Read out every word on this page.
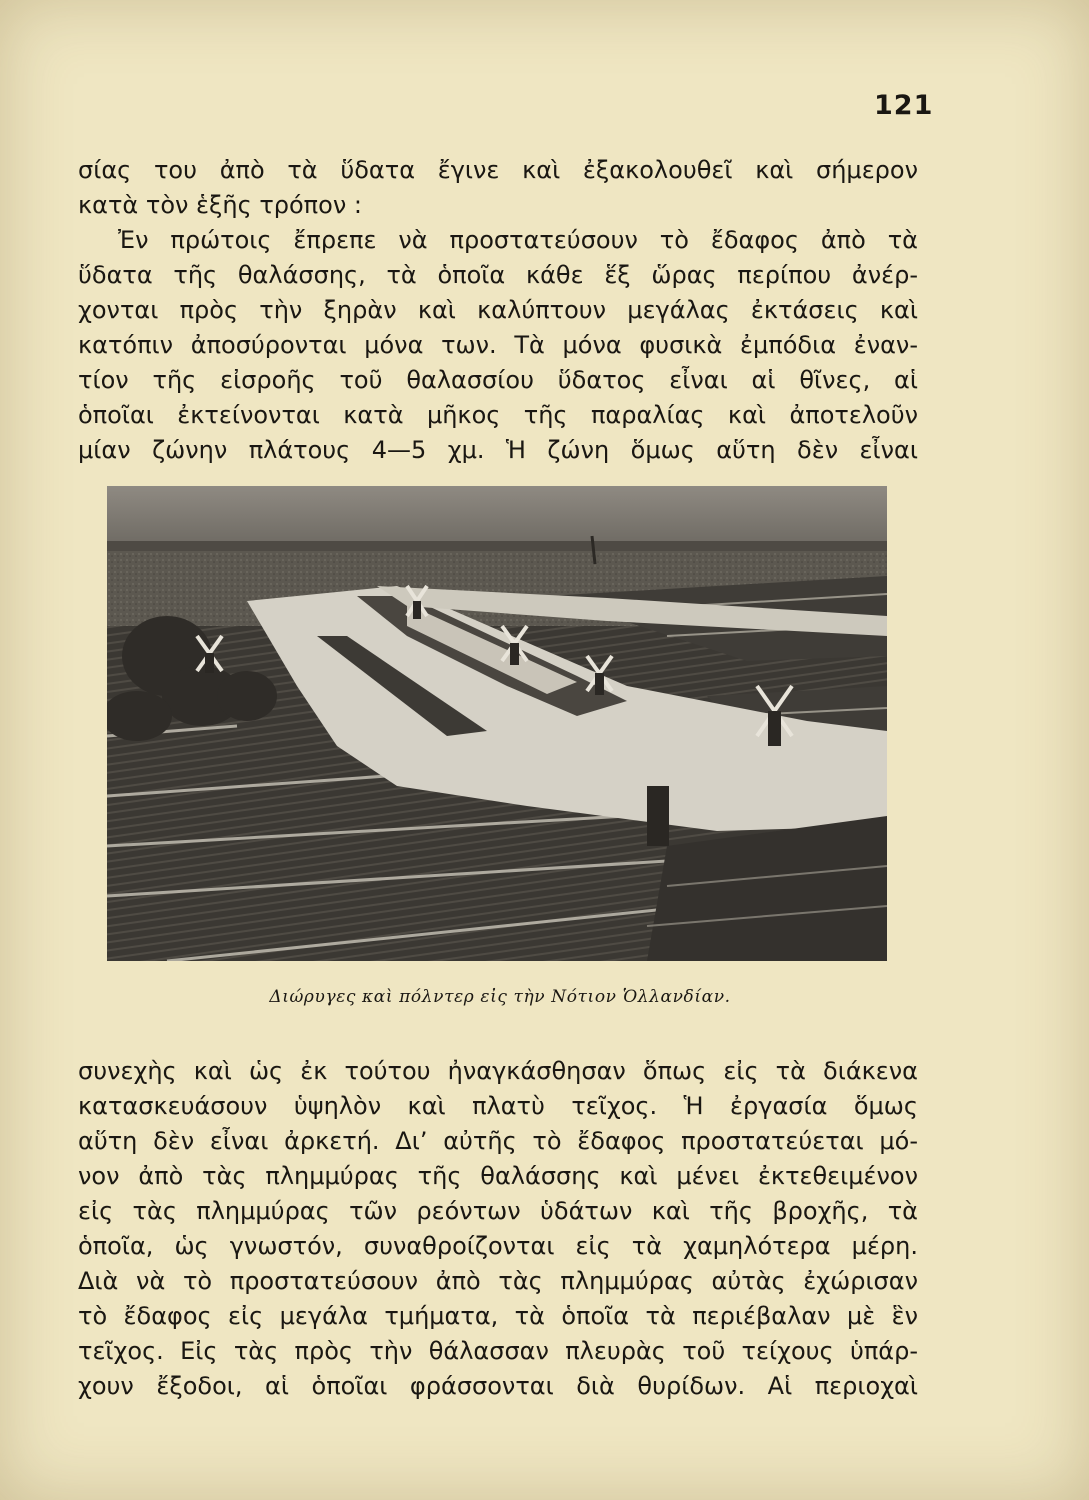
121
σίας του ἀπὸ τὰ ὕδατα ἔγινε καὶ ἐξακολουθεῖ καὶ σήμερον
κατὰ τὸν ἑξῆς τρόπον :
Ἐν πρώτοις ἔπρεπε νὰ προστατεύσουν τὸ ἔδαφος ἀπὸ τὰ
ὕδατα τῆς θαλάσσης, τὰ ὁποῖα κάθε ἕξ ὥρας περίπου ἀνέρ-
χονται πρὸς τὴν ξηρὰν καὶ καλύπτουν μεγάλας ἐκτάσεις καὶ
κατόπιν ἀποσύρονται μόνα των. Τὰ μόνα φυσικὰ ἐμπόδια ἐναν-
τίον τῆς εἰσροῆς τοῦ θαλασσίου ὕδατος εἶναι αἱ θῖνες, αἱ
ὁποῖαι ἐκτείνονται κατὰ μῆκος τῆς παραλίας καὶ ἀποτελοῦν
μίαν ζώνην πλάτους 4—5 χμ. Ἡ ζώνη ὅμως αὕτη δὲν εἶναι
Διώρυγες καὶ πόλντερ εἰς τὴν Νότιον Ὁλλανδίαν.
συνεχὴς καὶ ὡς ἐκ τούτου ἠναγκάσθησαν ὅπως εἰς τὰ διάκενα
κατασκευάσουν ὑψηλὸν καὶ πλατὺ τεῖχος. Ἡ ἐργασία ὅμως
αὕτη δὲν εἶναι ἀρκετή. Δι’ αὐτῆς τὸ ἔδαφος προστατεύεται μό-
νον ἀπὸ τὰς πλημμύρας τῆς θαλάσσης καὶ μένει ἐκτεθειμένον
εἰς τὰς πλημμύρας τῶν ρεόντων ὑδάτων καὶ τῆς βροχῆς, τὰ
ὁποῖα, ὡς γνωστόν, συναθροίζονται εἰς τὰ χαμηλότερα μέρη.
Διὰ νὰ τὸ προστατεύσουν ἀπὸ τὰς πλημμύρας αὐτὰς ἐχώρισαν
τὸ ἔδαφος εἰς μεγάλα τμήματα, τὰ ὁποῖα τὰ περιέβαλαν μὲ ἓν
τεῖχος. Εἰς τὰς πρὸς τὴν θάλασσαν πλευρὰς τοῦ τείχους ὑπάρ-
χουν ἔξοδοι, αἱ ὁποῖαι φράσσονται διὰ θυρίδων. Αἱ περιοχαὶ
